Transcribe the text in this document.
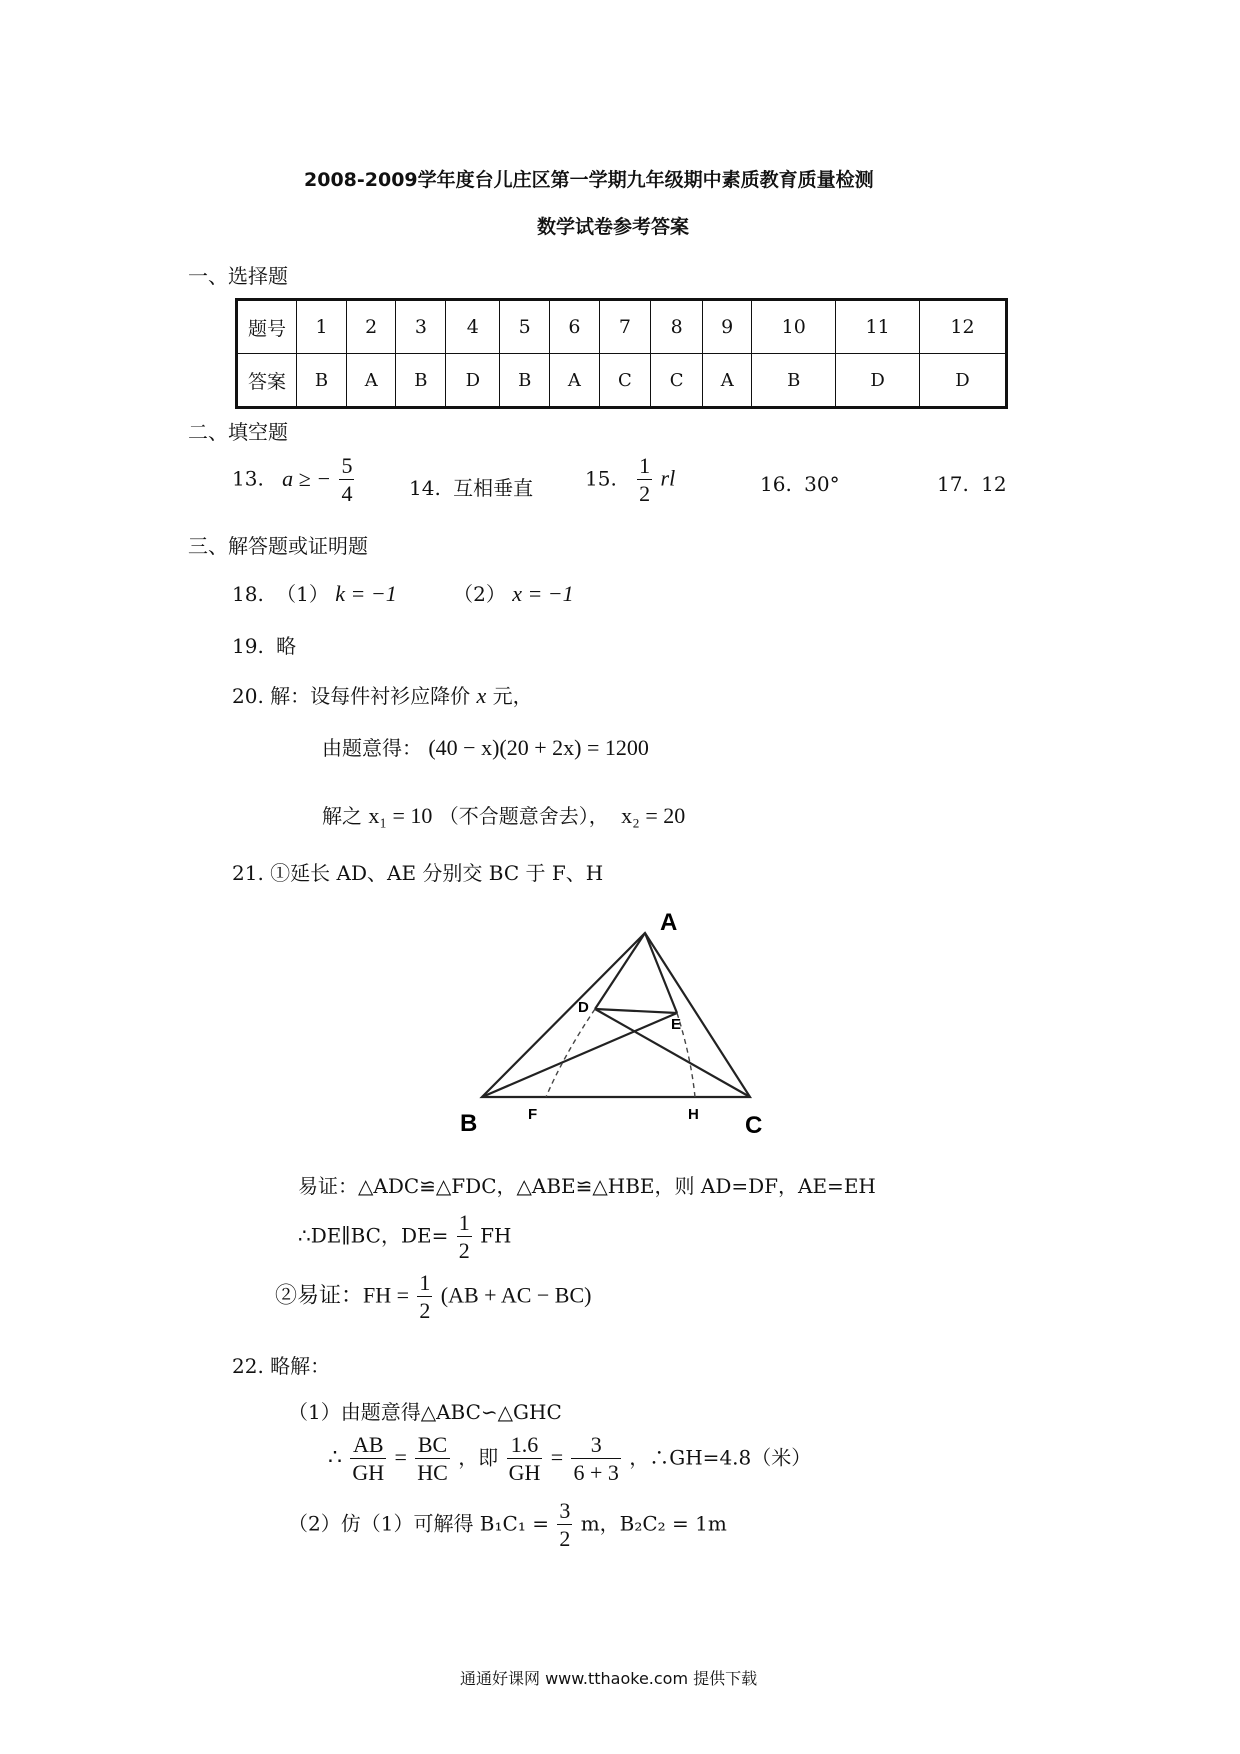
2008-2009学年度台儿庄区第一学期九年级期中素质教育质量检测
数学试卷参考答案
一、选择题
题号	1	2	3	4	5	6	7	8	9	10	11	12
答案	B	A	B	D	B	A	C	C	A	B	D	D
二、填空题
13. a ≥ − $\frac{5}{4}$	14. 互相垂直	15. $\frac{1}{2}$ rl	16. 30°	17. 12
三、解答题或证明题
18. （1） k = −1	（2） x = −1
19. 略
20. 解：设每件衬衫应降价 x 元，
由题意得： (40 − x)(20 + 2x) = 1200
解之 x₁ = 10 （不合题意舍去）， x₂ = 20
21. ①延长 AD、AE 分别交 BC 于 F、H
A
B	C
D
E
F	H
易证：△ADC≌△FDC，△ABE≌△HBE，则 AD=DF，AE=EH
∴DE∥BC，$DE= \frac{1}{2}$ FH
②易证：FH = $\frac{1}{2} (AB$ + AC − BC)
22. 略解：
（1）由题意得△ABC∽△GHC
∴ $\frac{AB}{GH} = \frac{BC}{HC}$ ，即 $\frac{1.6}{GH} = \frac{3}{6 + 3}$ ，∴GH=4.8（米）
（2）仿（1）可解得 $B_1C_1 = \frac{3}{2}$ m，B₂C₂ = 1m
通通好课网 www.tthaoke.com 提供下载
